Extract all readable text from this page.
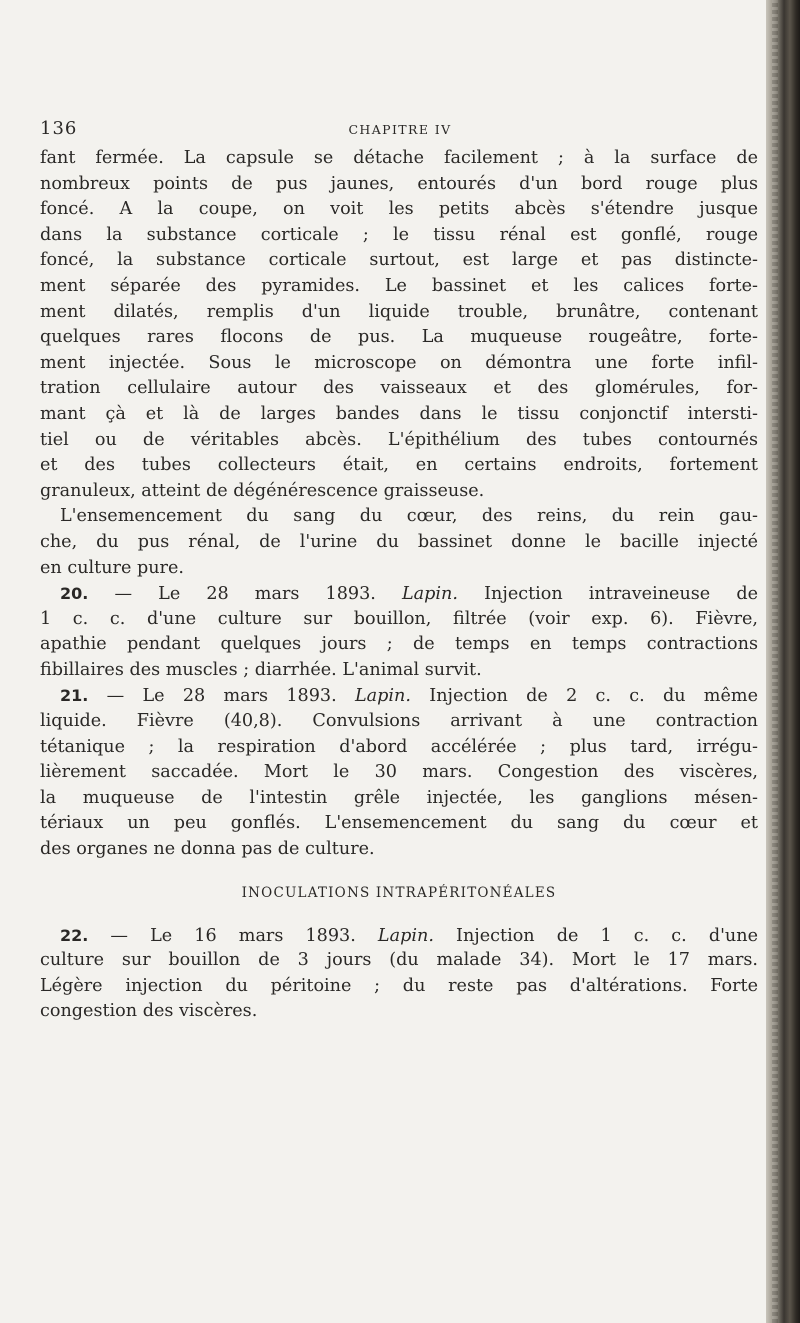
136	CHAPITRE IV
fant fermée. La capsule se détache facilement ; à la surface de
nombreux points de pus jaunes, entourés d'un bord rouge plus
foncé. A la coupe, on voit les petits abcès s'étendre jusque
dans la substance corticale ; le tissu rénal est gonflé, rouge
foncé, la substance corticale surtout, est large et pas distincte-
ment séparée des pyramides. Le bassinet et les calices forte-
ment dilatés, remplis d'un liquide trouble, brunâtre, contenant
quelques rares flocons de pus. La muqueuse rougeâtre, forte-
ment injectée. Sous le microscope on démontra une forte infil-
tration cellulaire autour des vaisseaux et des glomérules, for-
mant çà et là de larges bandes dans le tissu conjonctif intersti-
tiel ou de véritables abcès. L'épithélium des tubes contournés
et des tubes collecteurs était, en certains endroits, fortement
granuleux, atteint de dégénérescence graisseuse.
L'ensemencement du sang du cœur, des reins, du rein gau-
che, du pus rénal, de l'urine du bassinet donne le bacille injecté
en culture pure.
20. — Le 28 mars 1893. Lapin. Injection intraveineuse de
1 c. c. d'une culture sur bouillon, filtrée (voir exp. 6). Fièvre,
apathie pendant quelques jours ; de temps en temps contractions
fibillaires des muscles ; diarrhée. L'animal survit.
21. — Le 28 mars 1893. Lapin. Injection de 2 c. c. du même
liquide. Fièvre (40,8). Convulsions arrivant à une contraction
tétanique ; la respiration d'abord accélérée ; plus tard, irrégu-
lièrement saccadée. Mort le 30 mars. Congestion des viscères,
la muqueuse de l'intestin grêle injectée, les ganglions mésen-
tériaux un peu gonflés. L'ensemencement du sang du cœur et
des organes ne donna pas de culture.
INOCULATIONS INTRAPÉRITONÉALES
22. — Le 16 mars 1893. Lapin. Injection de 1 c. c. d'une
culture sur bouillon de 3 jours (du malade 34). Mort le 17 mars.
Légère injection du péritoine ; du reste pas d'altérations. Forte
congestion des viscères.
